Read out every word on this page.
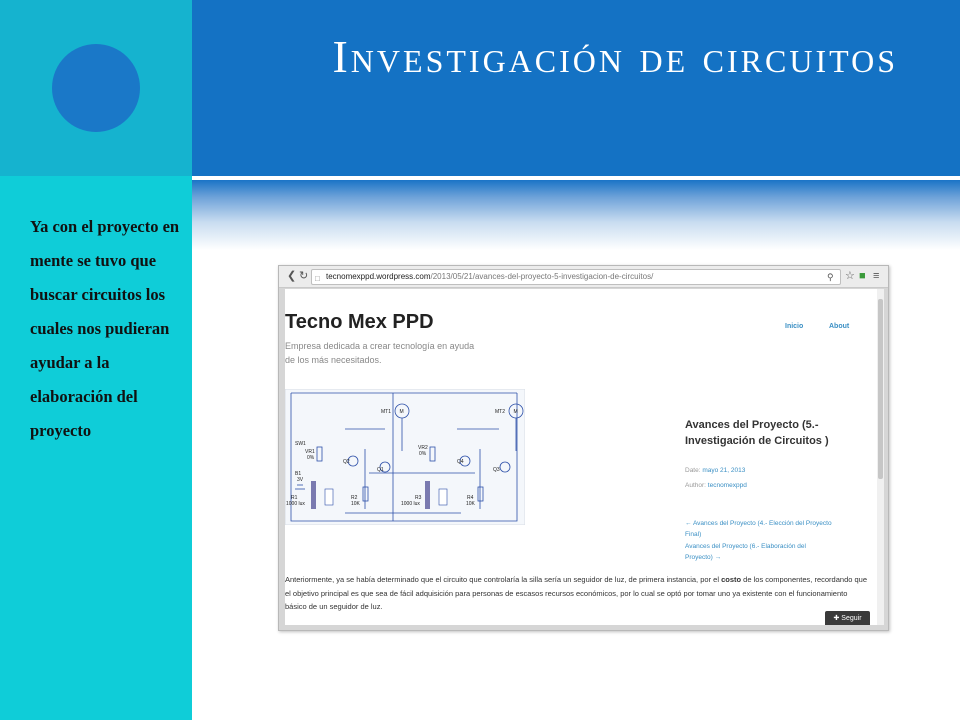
Investigación de circuitos
Ya con el proyecto en mente se tuvo que buscar circuitos los cuales nos pudieran ayudar a la elaboración del proyecto
❮ ↻ □ tecnomexppd.wordpress.com/2013/05/21/avances-del-proyecto-5-investigacion-de-circuitos/	⚲ ☆ ■ ≡
Tecno Mex PPD
Empresa dedicada a crear tecnología en ayuda de los más necesitados.
Inicio	About
MT1 M	MT2 M
SW1
VR1
0%
VR2
0%
Q2
Q1
Q4
Q3
B1
3V
R1
1000 lux
R2
10K
R3
1000 lux
R4
10K
Avances del Proyecto (5.- Investigación de Circuitos )
Date: mayo 21, 2013
Author: tecnomexppd
← Avances del Proyecto (4.- Elección del Proyecto Final)
Avances del Proyecto (6.- Elaboración del Proyecto) →
Anteriormente, ya se había determinado que el circuito que controlaría la silla sería un seguidor de luz, de primera instancia, por el costo de los componentes, recordando que el objetivo principal es que sea de fácil adquisición para personas de escasos recursos económicos, por lo cual se optó por tomar uno ya existente con el funcionamiento básico de un seguidor de luz.
✚ Seguir
